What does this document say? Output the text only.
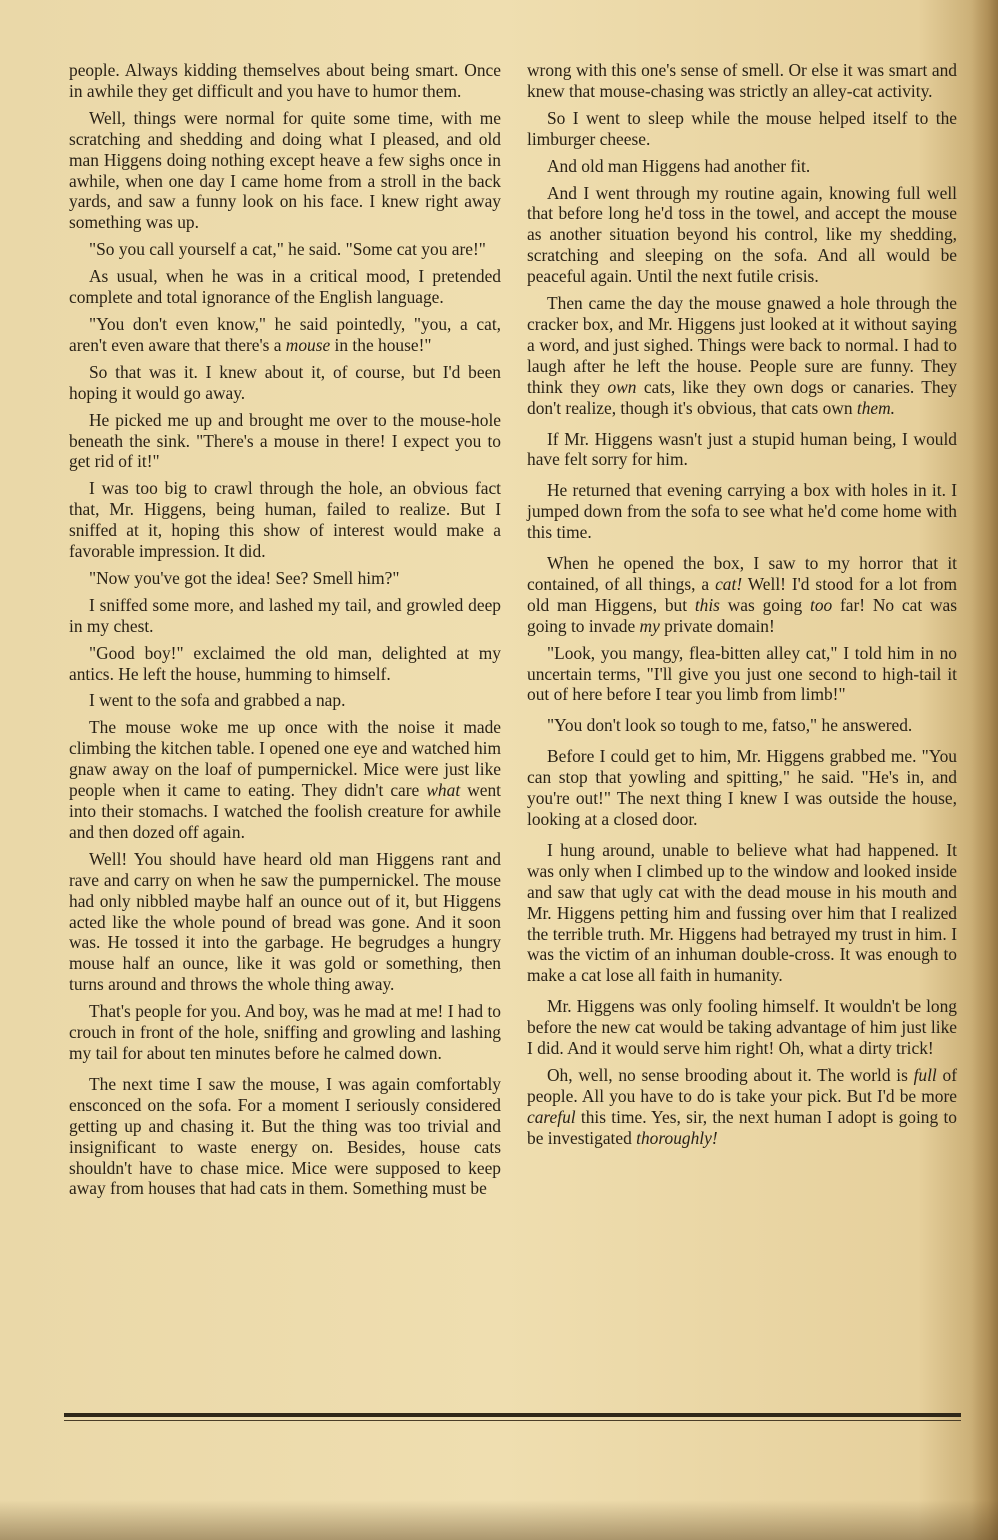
people. Always kidding themselves about being smart. Once in awhile they get difficult and you have to humor them.

Well, things were normal for quite some time, with me scratching and shedding and doing what I pleased, and old man Higgens doing nothing except heave a few sighs once in awhile, when one day I came home from a stroll in the back yards, and saw a funny look on his face. I knew right away something was up.

"So you call yourself a cat," he said. "Some cat you are!"

As usual, when he was in a critical mood, I pretended complete and total ignorance of the English language.

"You don't even know," he said pointedly, "you, a cat, aren't even aware that there's a mouse in the house!"

So that was it. I knew about it, of course, but I'd been hoping it would go away.

He picked me up and brought me over to the mouse-hole beneath the sink. "There's a mouse in there! I expect you to get rid of it!"

I was too big to crawl through the hole, an obvious fact that, Mr. Higgens, being human, failed to realize. But I sniffed at it, hoping this show of interest would make a favorable impression. It did.

"Now you've got the idea! See? Smell him?"

I sniffed some more, and lashed my tail, and growled deep in my chest.

"Good boy!" exclaimed the old man, delighted at my antics. He left the house, humming to himself.

I went to the sofa and grabbed a nap.

The mouse woke me up once with the noise it made climbing the kitchen table. I opened one eye and watched him gnaw away on the loaf of pumpernickel. Mice were just like people when it came to eating. They didn't care what went into their stomachs. I watched the foolish creature for awhile and then dozed off again.

Well! You should have heard old man Higgens rant and rave and carry on when he saw the pumpernickel. The mouse had only nibbled maybe half an ounce out of it, but Higgens acted like the whole pound of bread was gone. And it soon was. He tossed it into the garbage. He begrudges a hungry mouse half an ounce, like it was gold or something, then turns around and throws the whole thing away.

That's people for you. And boy, was he mad at me! I had to crouch in front of the hole, sniffing and growling and lashing my tail for about ten minutes before he calmed down.

The next time I saw the mouse, I was again comfortably ensconced on the sofa. For a moment I seriously considered getting up and chasing it. But the thing was too trivial and insignificant to waste energy on. Besides, house cats shouldn't have to chase mice. Mice were supposed to keep away from houses that had cats in them. Something must be

wrong with this one's sense of smell. Or else it was smart and knew that mouse-chasing was strictly an alley-cat activity.

So I went to sleep while the mouse helped itself to the limburger cheese.

And old man Higgens had another fit.

And I went through my routine again, knowing full well that before long he'd toss in the towel, and accept the mouse as another situation beyond his control, like my shedding, scratching and sleeping on the sofa. And all would be peaceful again. Until the next futile crisis.

Then came the day the mouse gnawed a hole through the cracker box, and Mr. Higgens just looked at it without saying a word, and just sighed. Things were back to normal. I had to laugh after he left the house. People sure are funny. They think they own cats, like they own dogs or canaries. They don't realize, though it's obvious, that cats own them.

If Mr. Higgens wasn't just a stupid human being, I would have felt sorry for him.

He returned that evening carrying a box with holes in it. I jumped down from the sofa to see what he'd come home with this time.

When he opened the box, I saw to my horror that it contained, of all things, a cat! Well! I'd stood for a lot from old man Higgens, but this was going too far! No cat was going to invade my private domain!

"Look, you mangy, flea-bitten alley cat," I told him in no uncertain terms, "I'll give you just one second to high-tail it out of here before I tear you limb from limb!"

"You don't look so tough to me, fatso," he answered.

Before I could get to him, Mr. Higgens grabbed me. "You can stop that yowling and spitting," he said. "He's in, and you're out!" The next thing I knew I was outside the house, looking at a closed door.

I hung around, unable to believe what had happened. It was only when I climbed up to the window and looked inside and saw that ugly cat with the dead mouse in his mouth and Mr. Higgens petting him and fussing over him that I realized the terrible truth. Mr. Higgens had betrayed my trust in him. I was the victim of an inhuman double-cross. It was enough to make a cat lose all faith in humanity.

Mr. Higgens was only fooling himself. It wouldn't be long before the new cat would be taking advantage of him just like I did. And it would serve him right! Oh, what a dirty trick!

Oh, well, no sense brooding about it. The world is full of people. All you have to do is take your pick. But I'd be more careful this time. Yes, sir, the next human I adopt is going to be investigated thoroughly!
